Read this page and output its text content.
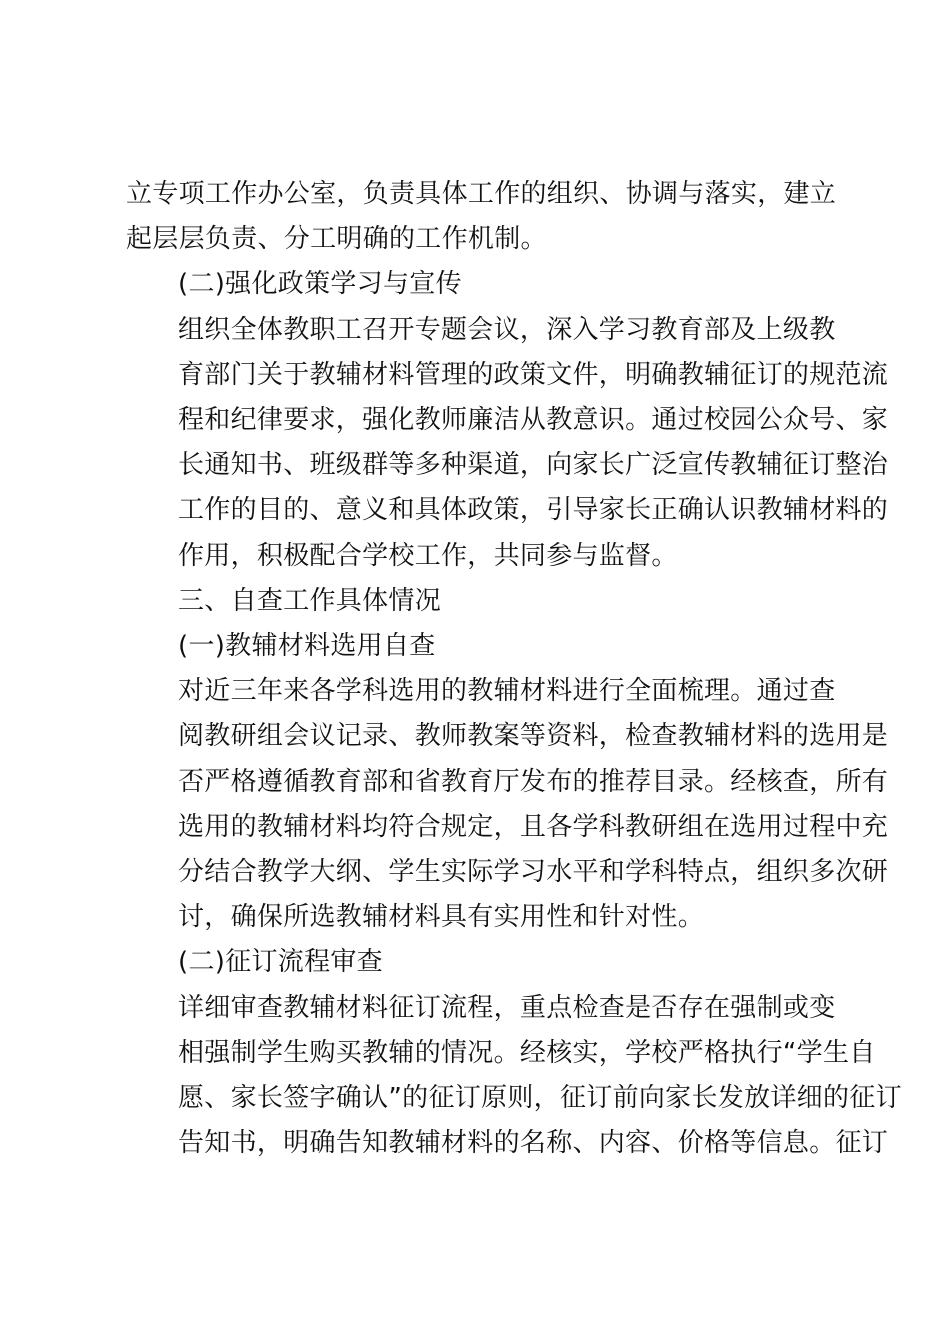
立专项工作办公室，负责具体工作的组织、协调与落实，建立
起层层负责、分工明确的工作机制。

(二)强化政策学习与宣传

组织全体教职工召开专题会议，深入学习教育部及上级教
育部门关于教辅材料管理的政策文件，明确教辅征订的规范流
程和纪律要求，强化教师廉洁从教意识。通过校园公众号、家
长通知书、班级群等多种渠道，向家长广泛宣传教辅征订整治
工作的目的、意义和具体政策，引导家长正确认识教辅材料的
作用，积极配合学校工作，共同参与监督。

三、自查工作具体情况

(一)教辅材料选用自查

对近三年来各学科选用的教辅材料进行全面梳理。通过查
阅教研组会议记录、教师教案等资料，检查教辅材料的选用是
否严格遵循教育部和省教育厅发布的推荐目录。经核查，所有
选用的教辅材料均符合规定，且各学科教研组在选用过程中充
分结合教学大纲、学生实际学习水平和学科特点，组织多次研
讨，确保所选教辅材料具有实用性和针对性。

(二)征订流程审查

详细审查教辅材料征订流程，重点检查是否存在强制或变
相强制学生购买教辅的情况。经核实，学校严格执行“学生自
愿、家长签字确认”的征订原则，征订前向家长发放详细的征订
告知书，明确告知教辅材料的名称、内容、价格等信息。征订
